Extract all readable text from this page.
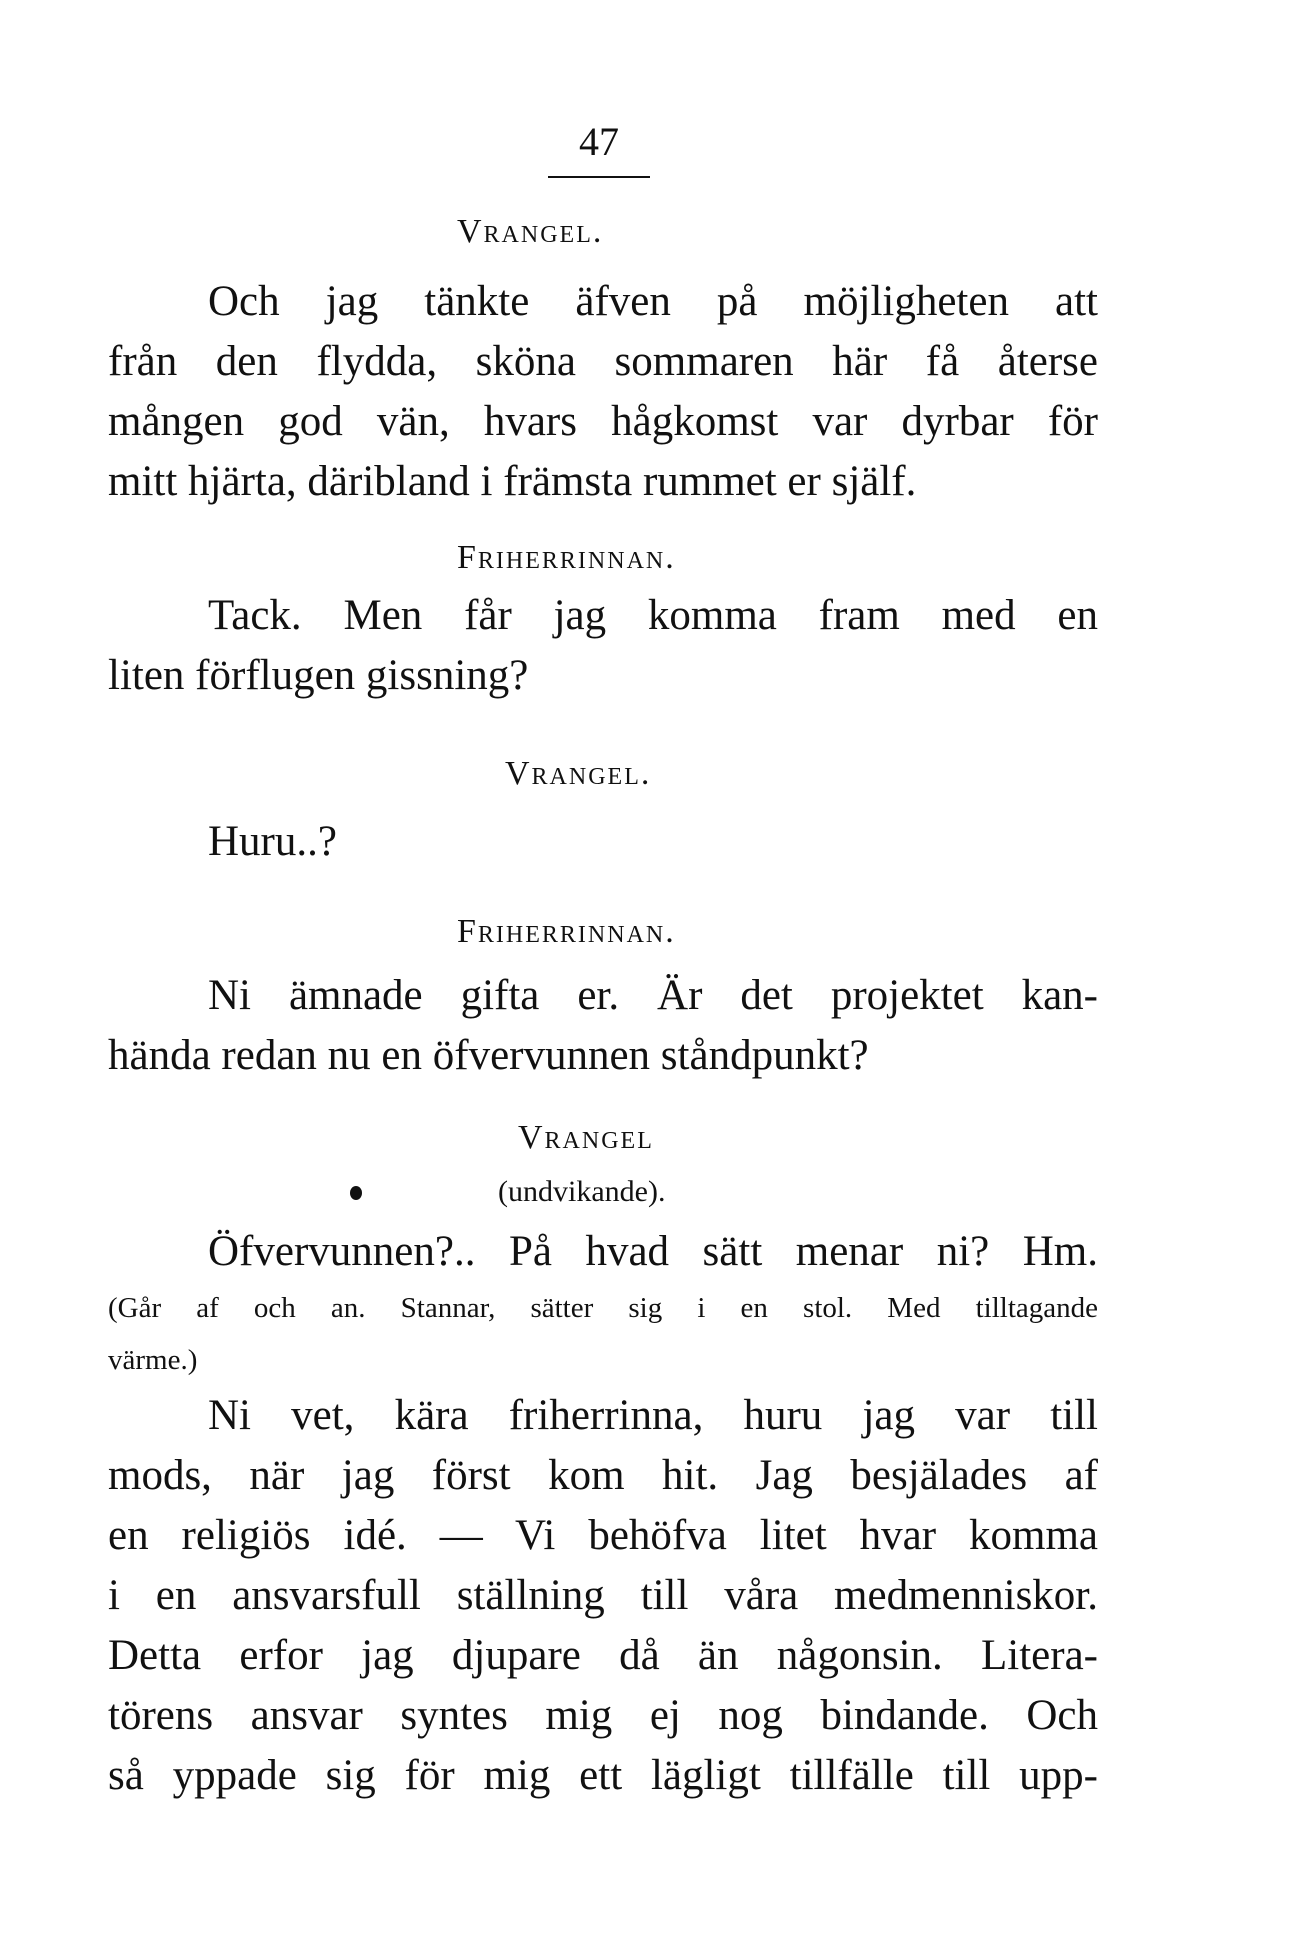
47
Vrangel.
Och jag tänkte äfven på möjligheten att
från den flydda, sköna sommaren här få återse
mången god vän, hvars hågkomst var dyrbar för
mitt hjärta, däribland i främsta rummet er själf.
Friherrinnan.
Tack. Men får jag komma fram med en
liten förflugen gissning?
Vrangel.
Huru..?
Friherrinnan.
Ni ämnade gifta er. Är det projektet kan-
hända redan nu en öfvervunnen ståndpunkt?
Vrangel
(undvikande).
Öfvervunnen?.. På hvad sätt menar ni? Hm.
(Går af och an. Stannar, sätter sig i en stol. Med tilltagande
värme.)
Ni vet, kära friherrinna, huru jag var till
mods, när jag först kom hit. Jag besjälades af
en religiös idé. — Vi behöfva litet hvar komma
i en ansvarsfull ställning till våra medmenniskor.
Detta erfor jag djupare då än någonsin. Litera-
törens ansvar syntes mig ej nog bindande. Och
så yppade sig för mig ett lägligt tillfälle till upp-
